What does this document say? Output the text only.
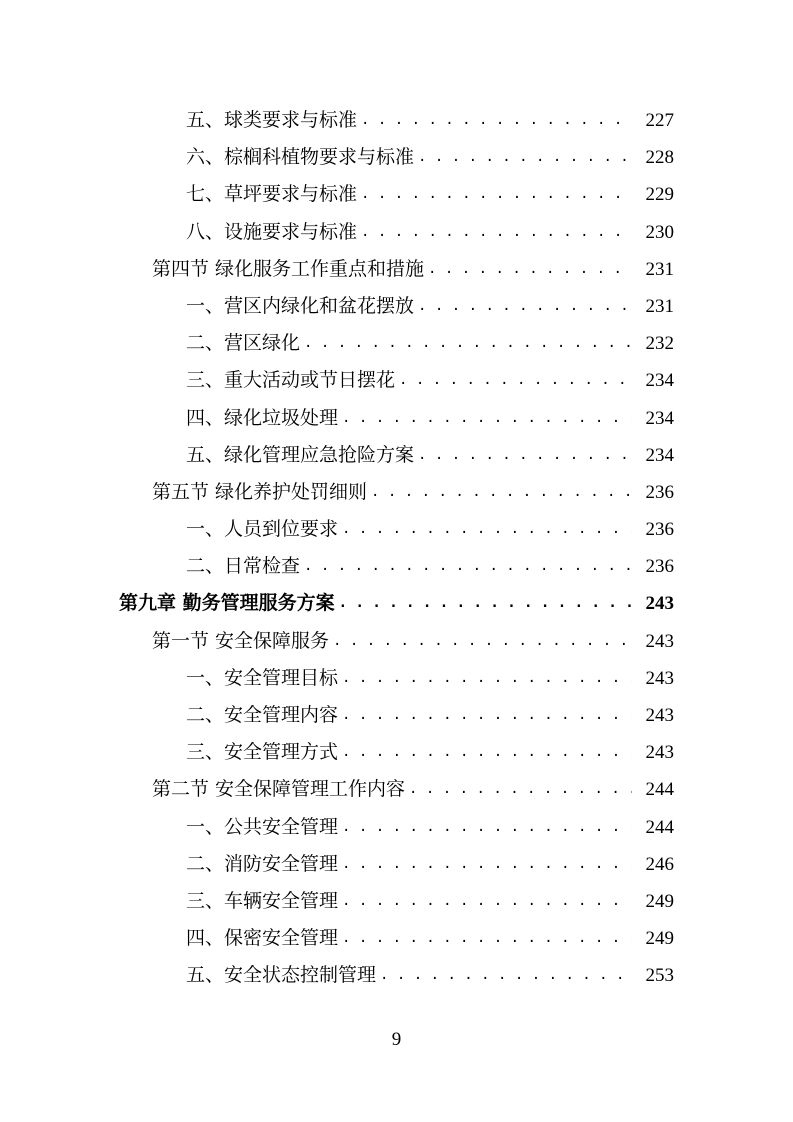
五、球类要求与标准 . . .	227
六、棕榈科植物要求与标准 . . .	228
七、草坪要求与标准 . . .	229
八、设施要求与标准 . . .	230
第四节 绿化服务工作重点和措施 . . .	231
一、营区内绿化和盆花摆放 . . .	231
二、营区绿化 . . .	232
三、重大活动或节日摆花 . . .	234
四、绿化垃圾处理 . . .	234
五、绿化管理应急抢险方案 . . .	234
第五节 绿化养护处罚细则 . . .	236
一、人员到位要求 . . .	236
二、日常检查 . . .	236
第九章 勤务管理服务方案 . . .	243
第一节 安全保障服务 . . .	243
一、安全管理目标 . . .	243
二、安全管理内容 . . .	243
三、安全管理方式 . . .	243
第二节 安全保障管理工作内容 . . .	244
一、公共安全管理 . . .	244
二、消防安全管理 . . .	246
三、车辆安全管理 . . .	249
四、保密安全管理 . . .	249
五、安全状态控制管理 . . .	253
9
